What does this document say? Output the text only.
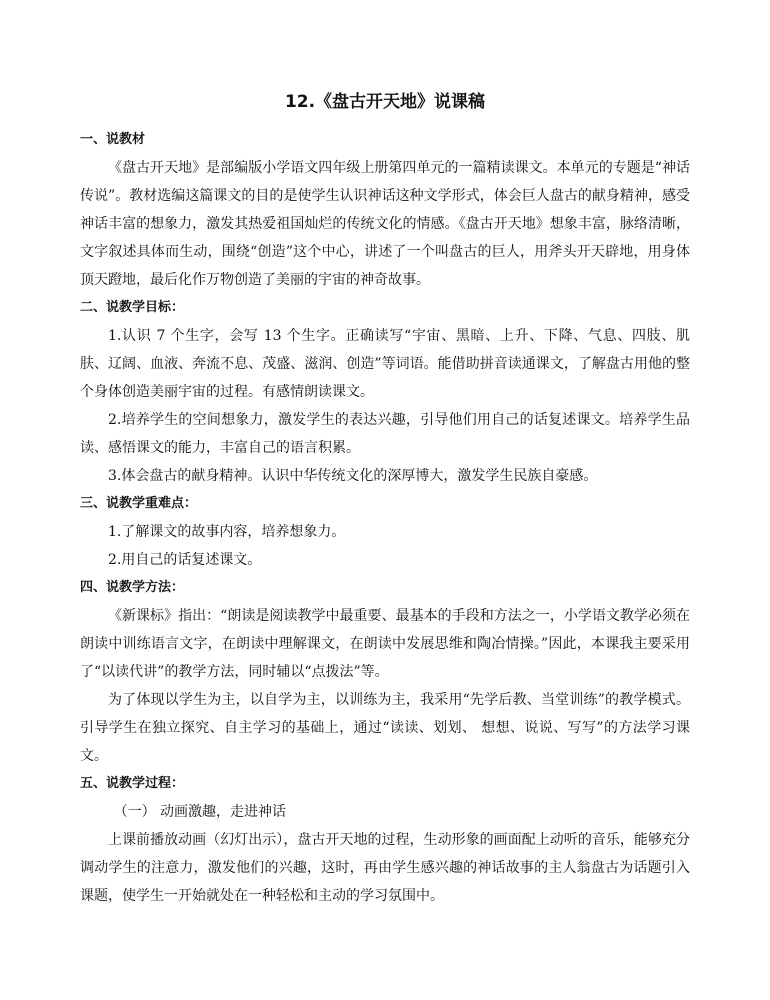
12.《盘古开天地》说课稿

一、说教材

《盘古开天地》是部编版小学语文四年级上册第四单元的一篇精读课文。本单元的专题是“神话传说”。教材选编这篇课文的目的是使学生认识神话这种文学形式，体会巨人盘古的献身精神，感受神话丰富的想象力，激发其热爱祖国灿烂的传统文化的情感。《盘古开天地》想象丰富，脉络清晰，文字叙述具体而生动，围绕“创造”这个中心，讲述了一个叫盘古的巨人，用斧头开天辟地，用身体顶天蹬地，最后化作万物创造了美丽的宇宙的神奇故事。

二、说教学目标：

1.认识 7 个生字，会写 13 个生字。正确读写“宇宙、黑暗、上升、下降、气息、四肢、肌肤、辽阔、血液、奔流不息、茂盛、滋润、创造”等词语。能借助拼音读通课文，了解盘古用他的整个身体创造美丽宇宙的过程。有感情朗读课文。

2.培养学生的空间想象力，激发学生的表达兴趣，引导他们用自己的话复述课文。培养学生品读、感悟课文的能力，丰富自己的语言积累。

3.体会盘古的献身精神。认识中华传统文化的深厚博大，激发学生民族自豪感。

三、说教学重难点：

1.了解课文的故事内容，培养想象力。

2.用自己的话复述课文。

四、说教学方法：

《新课标》指出：“朗读是阅读教学中最重要、最基本的手段和方法之一，小学语文教学必须在朗读中训练语言文字，在朗读中理解课文，在朗读中发展思维和陶冶情操。”因此，本课我主要采用了“以读代讲”的教学方法，同时辅以“点拨法”等。

为了体现以学生为主，以自学为主，以训练为主，我采用“先学后教、当堂训练”的教学模式。引导学生在独立探究、自主学习的基础上，通过“读读、划划、 想想、说说、写写”的方法学习课文。

五、说教学过程：

（一） 动画激趣，走进神话

上课前播放动画（幻灯出示），盘古开天地的过程，生动形象的画面配上动听的音乐，能够充分调动学生的注意力，激发他们的兴趣，这时，再由学生感兴趣的神话故事的主人翁盘古为话题引入课题，使学生一开始就处在一种轻松和主动的学习氛围中。
